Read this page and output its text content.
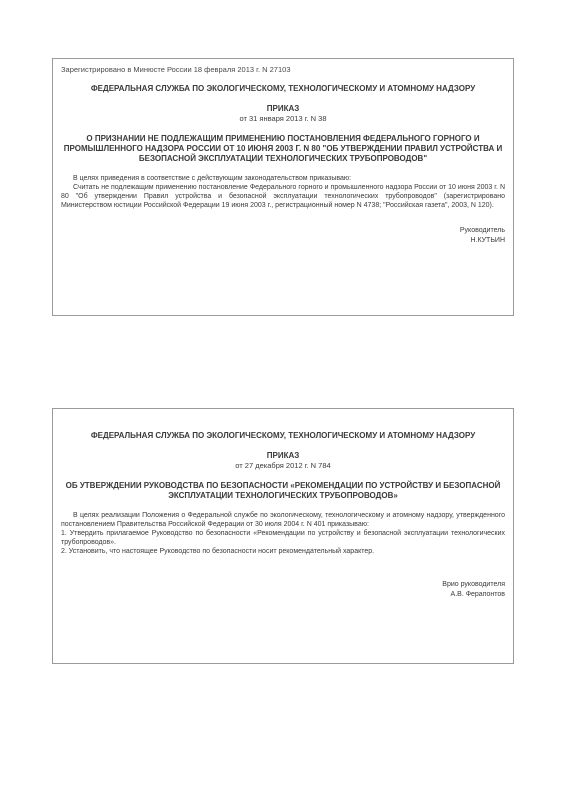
Зарегистрировано в Минюсте России 18 февраля 2013 г. N 27103
ФЕДЕРАЛЬНАЯ СЛУЖБА ПО ЭКОЛОГИЧЕСКОМУ, ТЕХНОЛОГИЧЕСКОМУ И АТОМНОМУ НАДЗОРУ
ПРИКАЗ
от 31 января 2013 г. N 38
О ПРИЗНАНИИ НЕ ПОДЛЕЖАЩИМ ПРИМЕНЕНИЮ ПОСТАНОВЛЕНИЯ ФЕДЕРАЛЬНОГО ГОРНОГО И ПРОМЫШЛЕННОГО НАДЗОРА РОССИИ ОТ 10 ИЮНЯ 2003 Г. N 80 "ОБ УТВЕРЖДЕНИИ ПРАВИЛ УСТРОЙСТВА И БЕЗОПАСНОЙ ЭКСПЛУАТАЦИИ ТЕХНОЛОГИЧЕСКИХ ТРУБОПРОВОДОВ"

В целях приведения в соответствие с действующим законодательством приказываю:

Считать не подлежащим применению постановление Федерального горного и промышленного надзора России от 10 июня 2003 г. N 80 "Об утверждении Правил устройства и безопасной эксплуатации технологических трубопроводов" (зарегистрировано Министерством юстиции Российской Федерации 19 июня 2003 г., регистрационный номер N 4738; "Российская газета", 2003, N 120).

Руководитель
Н.КУТЬИН
ФЕДЕРАЛЬНАЯ СЛУЖБА ПО ЭКОЛОГИЧЕСКОМУ, ТЕХНОЛОГИЧЕСКОМУ И АТОМНОМУ НАДЗОРУ
ПРИКАЗ
от 27 декабря 2012 г. N 784
ОБ УТВЕРЖДЕНИИ РУКОВОДСТВА ПО БЕЗОПАСНОСТИ «РЕКОМЕНДАЦИИ ПО УСТРОЙСТВУ И БЕЗОПАСНОЙ ЭКСПЛУАТАЦИИ ТЕХНОЛОГИЧЕСКИХ ТРУБОПРОВОДОВ»

В целях реализации Положения о Федеральной службе по экологическому, технологическому и атомному надзору, утвержденного постановлением Правительства Российской Федерации от 30 июля 2004 г. N 401 приказываю:

1. Утвердить прилагаемое Руководство по безопасности «Рекомендации по устройству и безопасной эксплуатации технологических трубопроводов».

2. Установить, что настоящее Руководство по безопасности носит рекомендательный характер.

Врио руководителя
А.В. Ферапонтов
